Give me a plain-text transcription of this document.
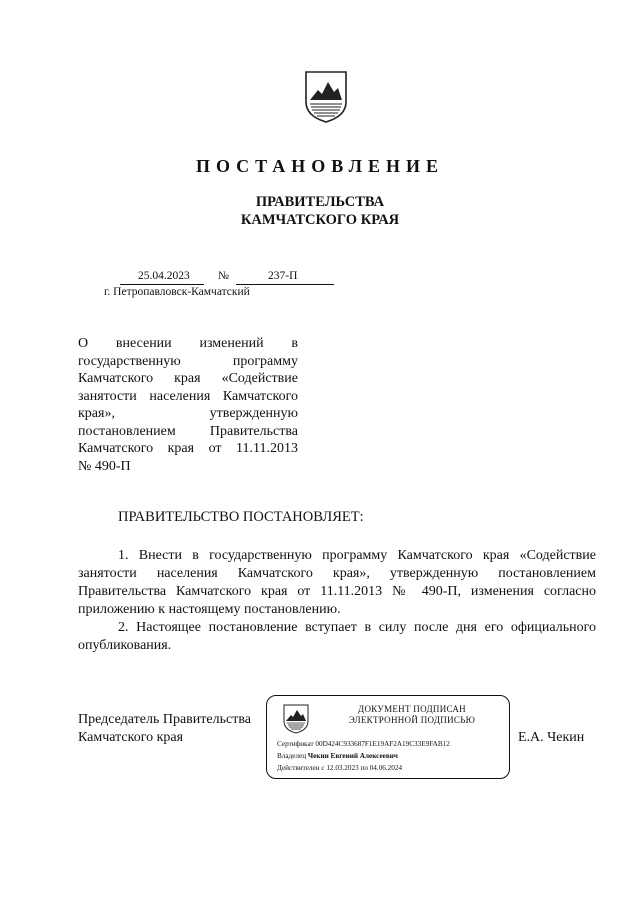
ПОСТАНОВЛЕНИЕ
ПРАВИТЕЛЬСТВА
КАМЧАТСКОГО КРАЯ
25.04.2023 №	237-П
г. Петропавловск-Камчатский
О внесении изменений в
государственную программу
Камчатского края «Содействие
занятости населения Камчатского
края», утвержденную
постановлением Правительства
Камчатского края от 11.11.2013
№ 490-П
ПРАВИТЕЛЬСТВО ПОСТАНОВЛЯЕТ:

1. Внести в государственную программу Камчатского края «Содействие занятости населения Камчатского края», утвержденную постановлением Правительства Камчатского края от 11.11.2013 № 490-П, изменения согласно приложению к настоящему постановлению.

2. Настоящее постановление вступает в силу после дня его официального опубликования.

Председатель Правительства
Камчатского края
ДОКУМЕНТ ПОДПИСАН
ЭЛЕКТРОННОЙ ПОДПИСЬЮ
Сертификат 00D424C933687F1E19AF2A19C33E9FAB12
Владелец Чекин Евгений Алексеевич
Действителен с 12.03.2023 по 04.06.2024
Е.А. Чекин
